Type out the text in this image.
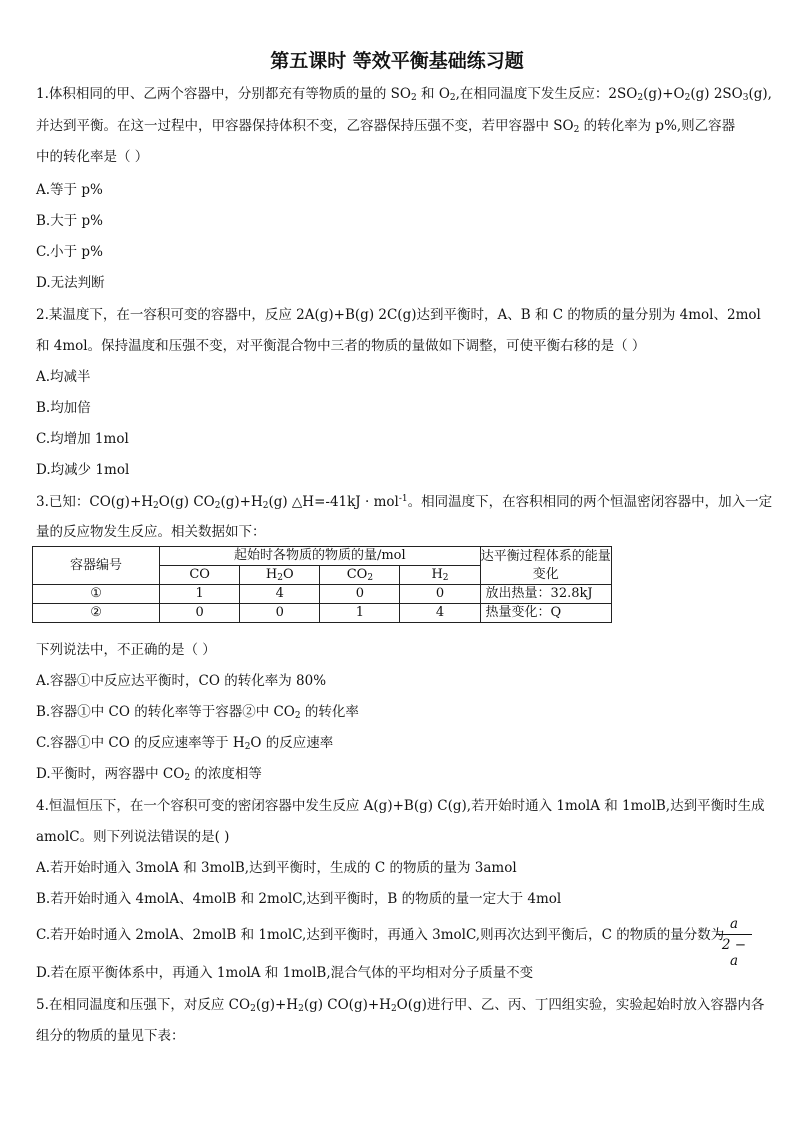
第五课时 等效平衡基础练习题
1.体积相同的甲、乙两个容器中，分别都充有等物质的量的 $SO_2$ 和 $O_2$,在相同温度下发生反应：$2SO_2(g)+O_2(g)$ $2SO_3(g)$,
并达到平衡。在这一过程中，甲容器保持体积不变，乙容器保持压强不变，若甲容器中 $SO_2$ 的转化率为 p%,则乙容器
中的转化率是（ ）
A.等于 p%
B.大于 p%
C.小于 p%
D.无法判断
2.某温度下，在一容积可变的容器中，反应 2A(g)+B(g) 2C(g)达到平衡时，A、B 和 C 的物质的量分别为 4mol、2mol
和 4mol。保持温度和压强不变，对平衡混合物中三者的物质的量做如下调整，可使平衡右移的是（ ）
A.均减半
B.均加倍
C.均增加 1mol
D.均减少 1mol
3.已知：$CO(g)+H_2O(g)$ $CO_2(g)+H_2(g)$ △H=-41kJ · mol$^{-1}$。相同温度下，在容积相同的两个恒温密闭容器中，加入一定
量的反应物发生反应。相关数据如下：
容器编号	起始时各物质的物质的量/mol				达平衡过程体系的能量变化
	CO	$H_2O$	$CO_2$	$H_2$
①	1	4	0	0	放出热量：32.8kJ
②	0	0	1	4	热量变化：Q
下列说法中，不正确的是（ ）
A.容器①中反应达平衡时，CO 的转化率为 80%
B.容器①中 CO 的转化率等于容器②中 $CO_2$ 的转化率
C.容器①中 CO 的反应速率等于 $H_2O$ 的反应速率
D.平衡时，两容器中 $CO_2$ 的浓度相等
4.恒温恒压下，在一个容积可变的密闭容器中发生反应 A(g)+B(g) C(g),若开始时通入 1molA 和 1molB,达到平衡时生成
amolC。则下列说法错误的是( )
A.若开始时通入 3molA 和 3molB,达到平衡时，生成的 C 的物质的量为 3amol
B.若开始时通入 4molA、4molB 和 2molC,达到平衡时，B 的物质的量一定大于 4mol
C.若开始时通入 2molA、2molB 和 1molC,达到平衡时，再通入 3molC,则再次达到平衡后，C 的物质的量分数为
a
2 − a
D.若在原平衡体系中，再通入 1molA 和 1molB,混合气体的平均相对分子质量不变
5.在相同温度和压强下，对反应 $CO_2(g)+H_2(g)$ $CO(g)+H_2O(g)$进行甲、乙、丙、丁四组实验，实验起始时放入容器内各
组分的物质的量见下表：
